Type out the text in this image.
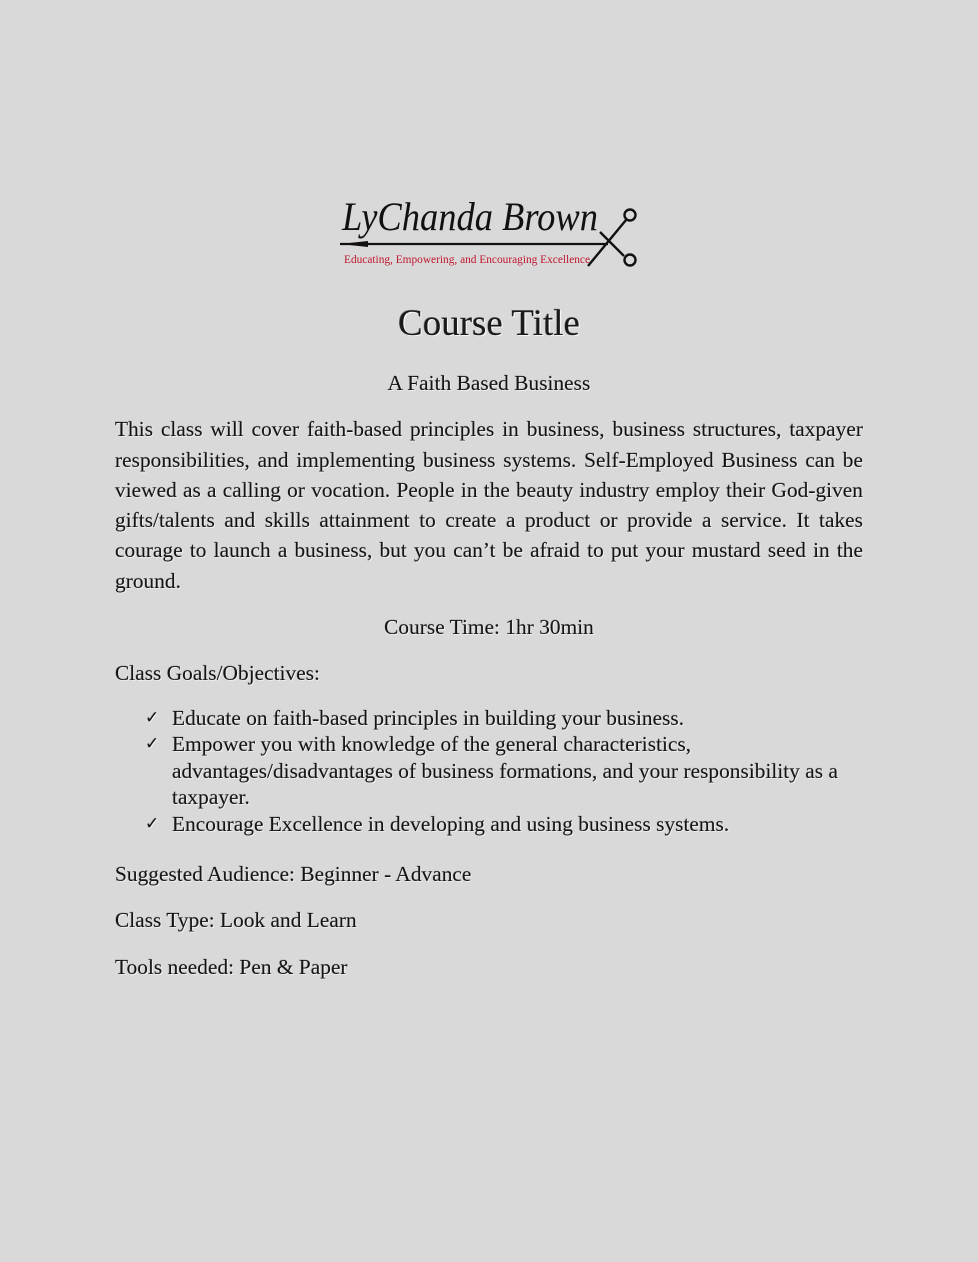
LyChanda Brown
Educating, Empowering, and Encouraging Excellence
Course Title

A Faith Based Business

This class will cover faith-based principles in business, business structures, taxpayer responsibilities, and implementing business systems. Self-Employed Business can be viewed as a calling or vocation. People in the beauty industry employ their God-given gifts/talents and skills attainment to create a product or provide a service. It takes courage to launch a business, but you can’t be afraid to put your mustard seed in the ground.

Course Time: 1hr 30min

Class Goals/Objectives:

✓ Educate on faith-based principles in building your business.
✓ Empower you with knowledge of the general characteristics, advantages/disadvantages of business formations, and your responsibility as a taxpayer.
✓ Encourage Excellence in developing and using business systems.

Suggested Audience: Beginner - Advance

Class Type: Look and Learn

Tools needed: Pen & Paper
